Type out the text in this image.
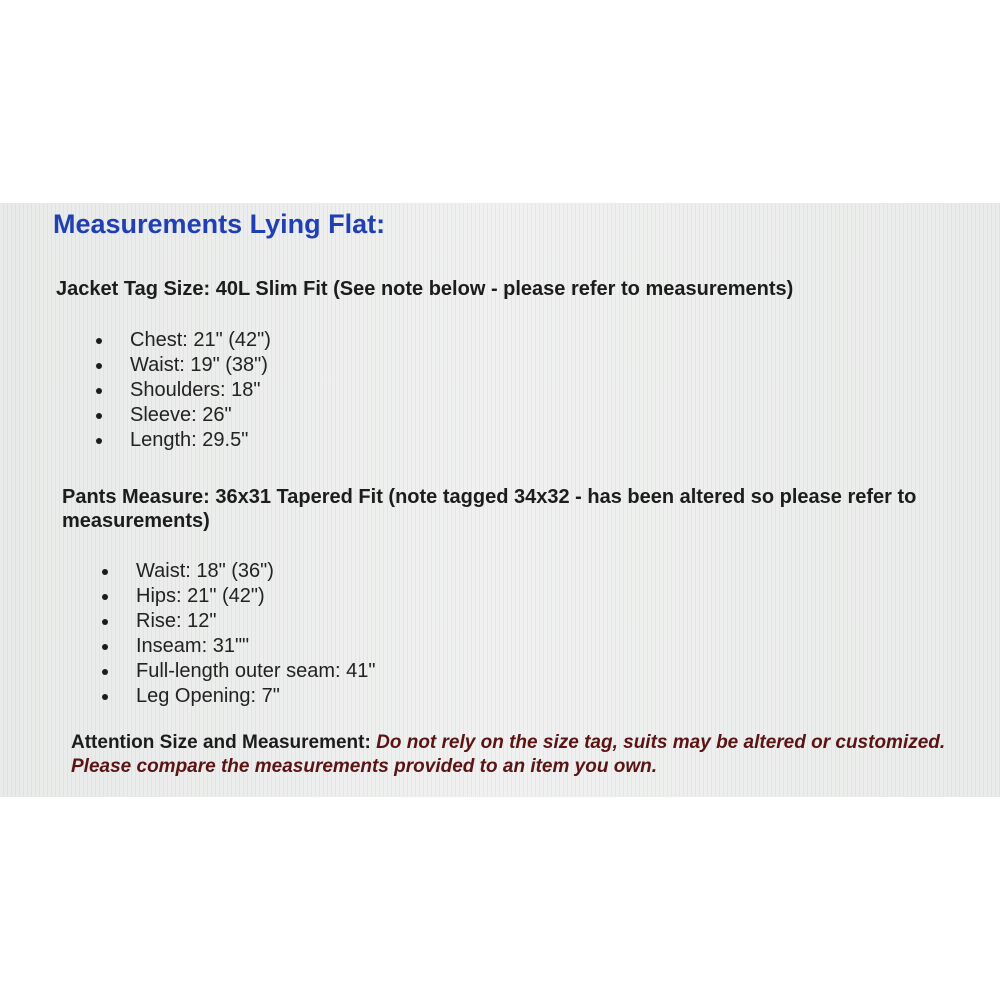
Measurements Lying Flat:
Jacket Tag Size: 40L Slim Fit (See note below - please refer to measurements)
Chest: 21" (42")
Waist: 19" (38")
Shoulders: 18"
Sleeve: 26"
Length: 29.5"
Pants Measure: 36x31 Tapered Fit (note tagged 34x32 - has been altered so please refer to measurements)
Waist: 18" (36")
Hips: 21" (42")
Rise: 12"
Inseam: 31""
Full-length outer seam: 41"
Leg Opening: 7"
Attention Size and Measurement: Do not rely on the size tag, suits may be altered or customized. Please compare the measurements provided to an item you own.
